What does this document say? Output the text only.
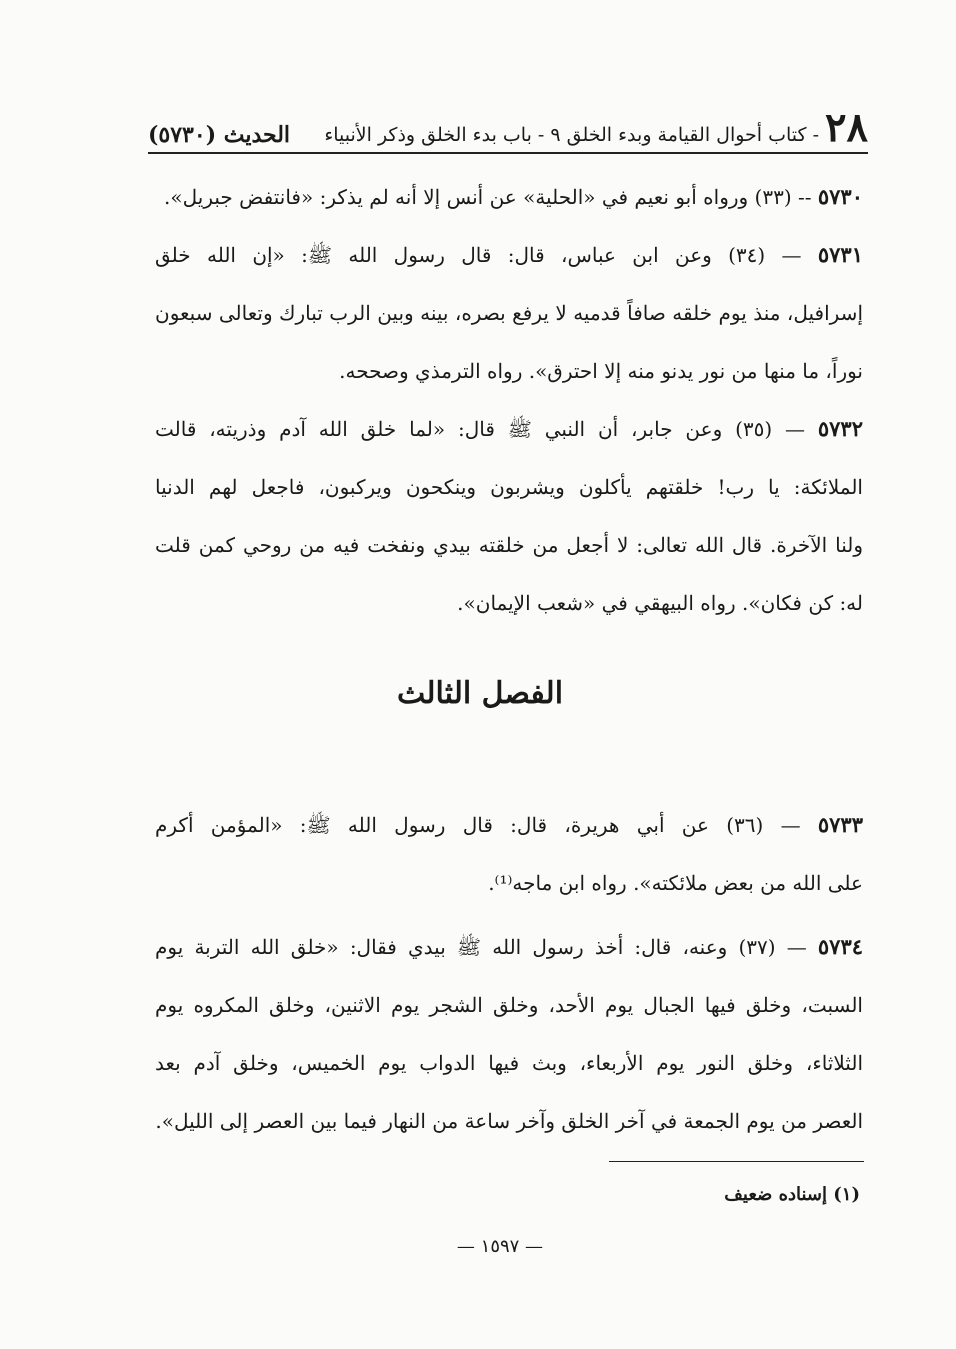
٢٨
- كتاب أحوال القيامة وبدء الخلق ٩ - باب بدء الخلق وذكر الأنبياء
الحديث (٥٧٣٠)
٥٧٣٠ -- (٣٣) ورواه أبو نعيم في «الحلية» عن أنس إلا أنه لم يذكر: «فانتفض جبريل».
٥٧٣١ — (٣٤) وعن ابن عباس، قال: قال رسول الله ﷺ: «إن الله خلق
إسرافيل، منذ يوم خلقه صافاً قدميه لا يرفع بصره، بينه وبين الرب تبارك وتعالى سبعون
نوراً، ما منها من نور يدنو منه إلا احترق». رواه الترمذي وصححه.
٥٧٣٢ — (٣٥) وعن جابر، أن النبي ﷺ قال: «لما خلق الله آدم وذريته، قالت
الملائكة: يا رب! خلقتهم يأكلون ويشربون وينكحون ويركبون، فاجعل لهم الدنيا
ولنا الآخرة. قال الله تعالى: لا أجعل من خلقته بيدي ونفخت فيه من روحي كمن قلت
له: كن فكان». رواه البيهقي في «شعب الإيمان».
الفصل الثالث
٥٧٣٣ — (٣٦) عن أبي هريرة، قال: قال رسول الله ﷺ: «المؤمن أكرم
على الله من بعض ملائكته». رواه ابن ماجه⁽¹⁾.
٥٧٣٤ — (٣٧) وعنه، قال: أخذ رسول الله ﷺ بيدي فقال: «خلق الله التربة يوم
السبت، وخلق فيها الجبال يوم الأحد، وخلق الشجر يوم الاثنين، وخلق المكروه يوم
الثلاثاء، وخلق النور يوم الأربعاء، وبث فيها الدواب يوم الخميس، وخلق آدم بعد
العصر من يوم الجمعة في آخر الخلق وآخر ساعة من النهار فيما بين العصر إلى الليل».
(١) إسناده ضعيف
— ١٥٩٧ —
